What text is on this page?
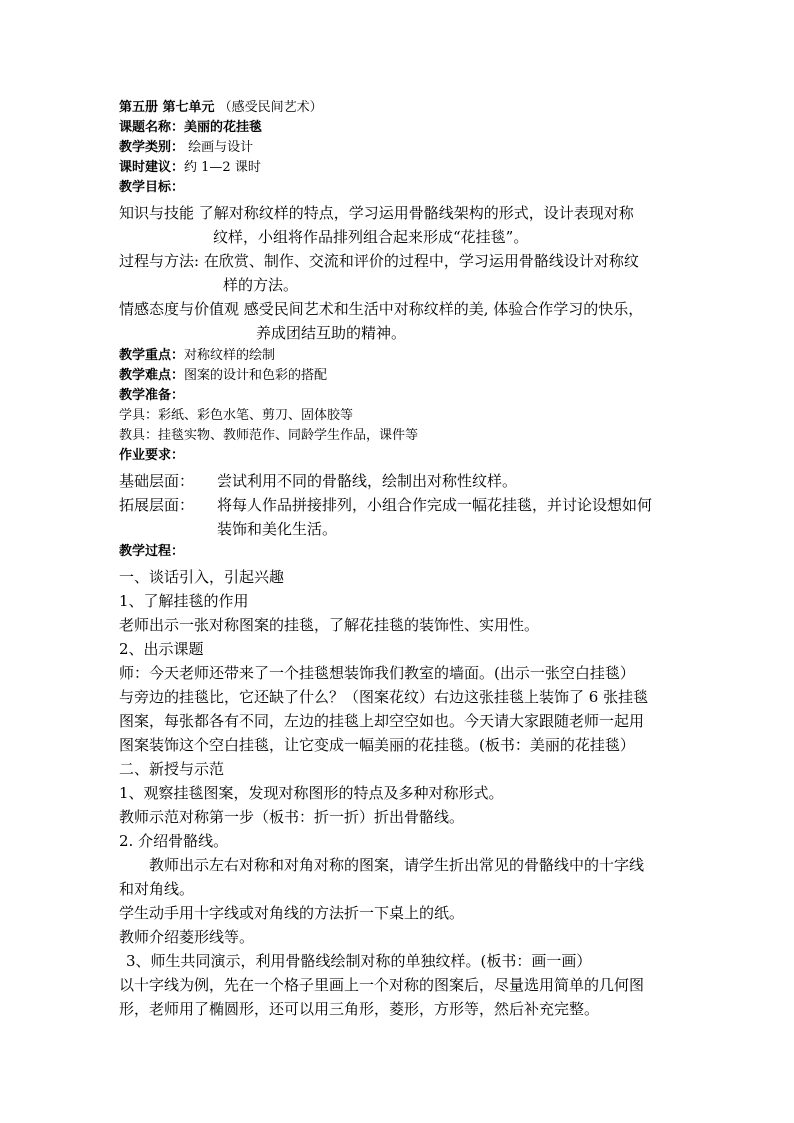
第五册 第七单元 （感受民间艺术）
课题名称：美丽的花挂毯
教学类别： 绘画与设计
课时建议：约 1—2 课时
教学目标：
知识与技能 了解对称纹样的特点，学习运用骨骼线架构的形式，设计表现对称
纹样，小组将作品排列组合起来形成“花挂毯”。
过程与方法: 在欣赏、制作、交流和评价的过程中，学习运用骨骼线设计对称纹
样的方法。
情感态度与价值观 感受民间艺术和生活中对称纹样的美, 体验合作学习的快乐，
养成团结互助的精神。
教学重点：对称纹样的绘制
教学难点：图案的设计和色彩的搭配
教学准备：
学具：彩纸、彩色水笔、剪刀、固体胶等
教具：挂毯实物、教师范作、同龄学生作品，课件等
作业要求：
基础层面： 尝试利用不同的骨骼线，绘制出对称性纹样。
拓展层面： 将每人作品拼接排列，小组合作完成一幅花挂毯，并讨论设想如何
装饰和美化生活。
教学过程：
一、谈话引入，引起兴趣
1、了解挂毯的作用
老师出示一张对称图案的挂毯，了解花挂毯的装饰性、实用性。
2、出示课题
师：今天老师还带来了一个挂毯想装饰我们教室的墙面。(出示一张空白挂毯）
与旁边的挂毯比，它还缺了什么？（图案花纹）右边这张挂毯上装饰了 6 张挂毯
图案，每张都各有不同，左边的挂毯上却空空如也。今天请大家跟随老师一起用
图案装饰这个空白挂毯，让它变成一幅美丽的花挂毯。(板书：美丽的花挂毯）
二、新授与示范
1、观察挂毯图案，发现对称图形的特点及多种对称形式。
教师示范对称第一步（板书：折一折）折出骨骼线。
2. 介绍骨骼线。
教师出示左右对称和对角对称的图案，请学生折出常见的骨骼线中的十字线
和对角线。
学生动手用十字线或对角线的方法折一下桌上的纸。
教师介绍菱形线等。
3、师生共同演示，利用骨骼线绘制对称的单独纹样。(板书：画一画）
以十字线为例，先在一个格子里画上一个对称的图案后，尽量选用简单的几何图
形，老师用了椭圆形，还可以用三角形，菱形，方形等，然后补充完整。
